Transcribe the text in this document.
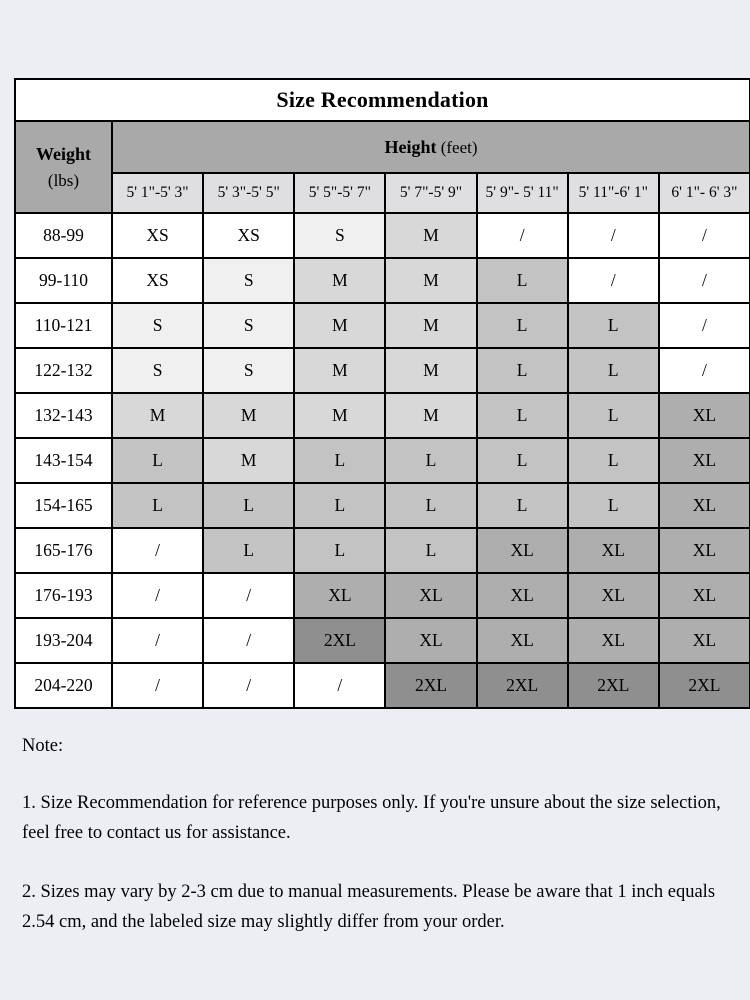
Size Recommendation							

Weight
(lbs)	Height (feet)						
	5' 1"-5' 3"	5' 3"-5' 5"	5' 5"-5' 7"	5' 7"-5' 9"	5' 9"- 5' 11"	5' 11"-6' 1"	6' 1"- 6' 3"
88-99	XS	XS	S	M	/	/	/
99-110	XS	S	M	M	L	/	/
110-121	S	S	M	M	L	L	/
122-132	S	S	M	M	L	L	/
132-143	M	M	M	M	L	L	XL
143-154	L	M	L	L	L	L	XL
154-165	L	L	L	L	L	L	XL
165-176	/	L	L	L	XL	XL	XL
176-193	/	/	XL	XL	XL	XL	XL
193-204	/	/	2XL	XL	XL	XL	XL
204-220	/	/	/	2XL	2XL	2XL	2XL

Note:

1. Size Recommendation for reference purposes only. If you're unsure about the size selection, feel free to contact us for assistance.

2. Sizes may vary by 2-3 cm due to manual measurements. Please be aware that 1 inch equals 2.54 cm, and the labeled size may slightly differ from your order.
